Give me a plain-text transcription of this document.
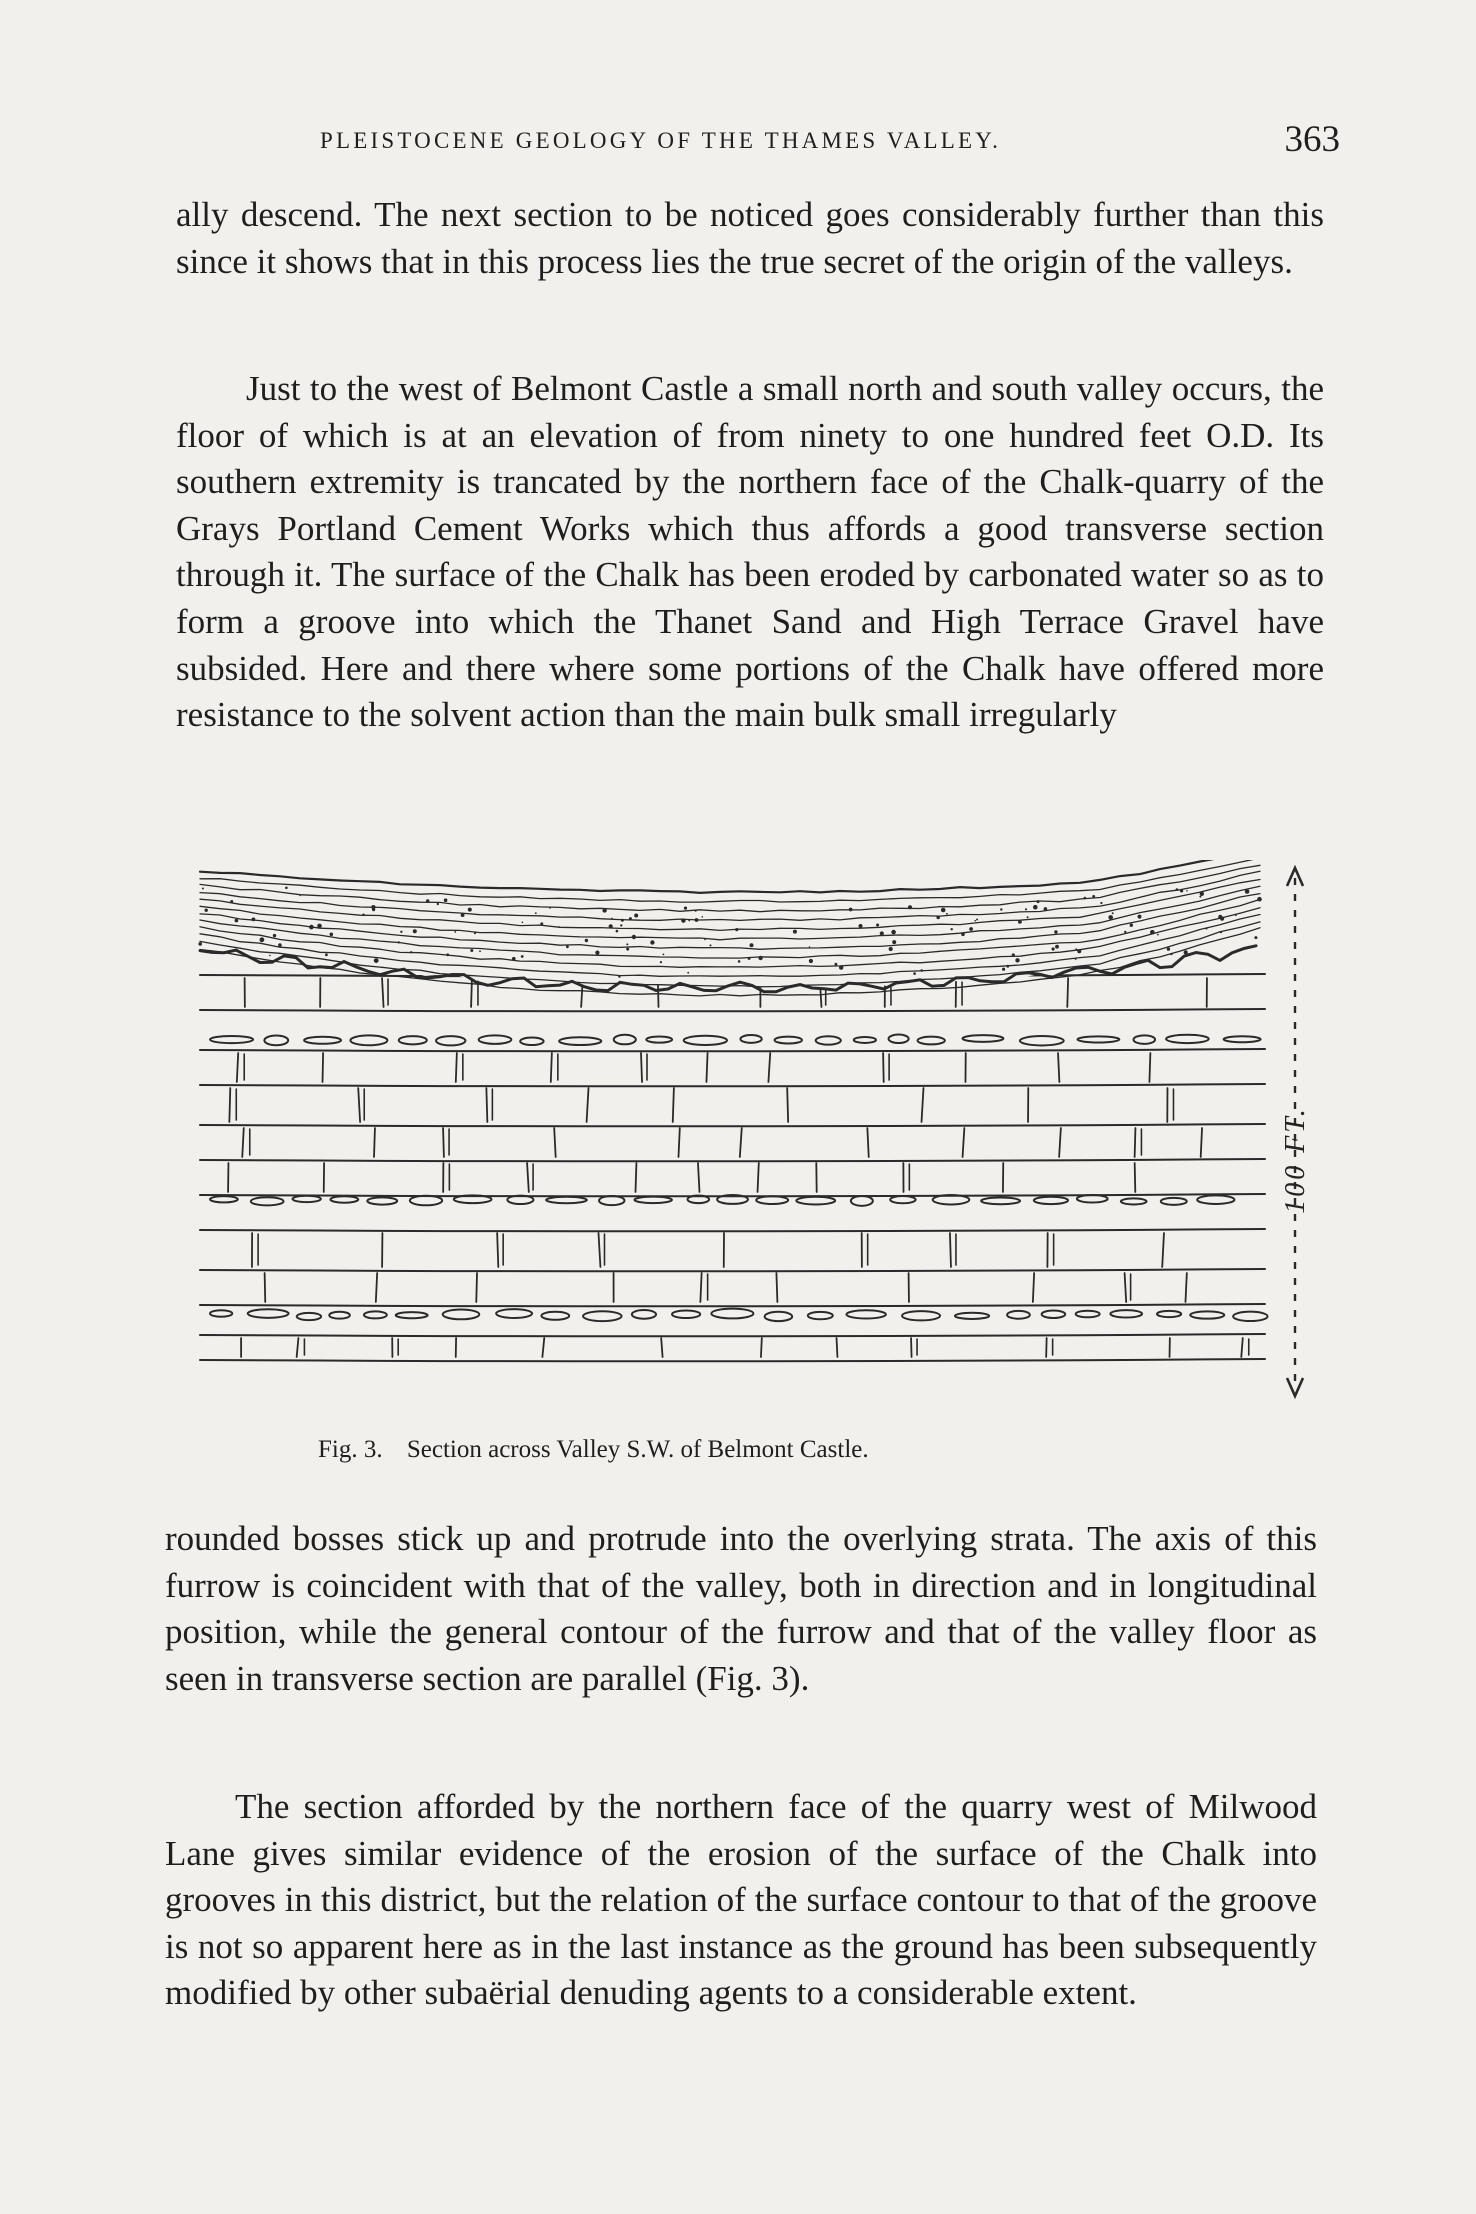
PLEISTOCENE GEOLOGY OF THE THAMES VALLEY.	363

ally descend. The next section to be noticed goes considerably further than this since it shows that in this process lies the true secret of the origin of the valleys.

Just to the west of Belmont Castle a small north and south valley occurs, the floor of which is at an elevation of from ninety to one hundred feet O.D. Its southern extremity is trancated by the northern face of the Chalk-quarry of the Grays Portland Cement Works which thus affords a good transverse section through it. The surface of the Chalk has been eroded by carbonated water so as to form a groove into which the Thanet Sand and High Terrace Gravel have subsided. Here and there where some portions of the Chalk have offered more resistance to the solvent action than the main bulk small irregularly

100 FT.
Fig. 3. Section across Valley S.W. of Belmont Castle.

rounded bosses stick up and protrude into the overlying strata. The axis of this furrow is coincident with that of the valley, both in direction and in longitudinal position, while the general contour of the furrow and that of the valley floor as seen in transverse section are parallel (Fig. 3).

The section afforded by the northern face of the quarry west of Milwood Lane gives similar evidence of the erosion of the surface of the Chalk into grooves in this district, but the relation of the surface contour to that of the groove is not so apparent here as in the last instance as the ground has been subsequently modified by other subaërial denuding agents to a considerable extent.
